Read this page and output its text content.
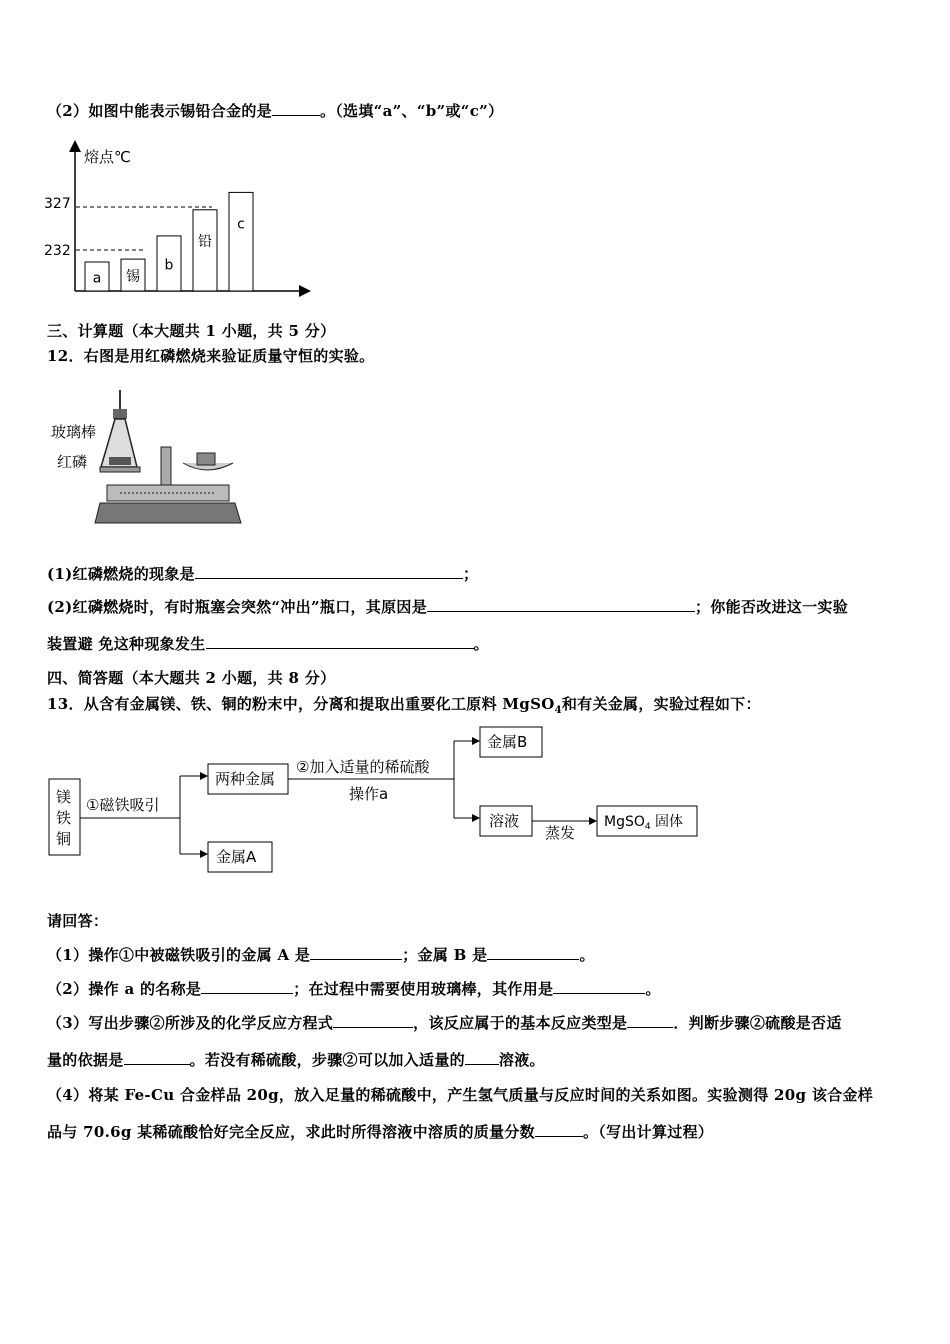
（2）如图中能表示锡铅合金的是	。（选填“a”、“b”或“c”）
熔点℃
327
232
a 锡
b
铅
c
三、计算题（本大题共 1 小题，共 5 分）
12．右图是用红磷燃烧来验证质量守恒的实验。
玻璃棒
红磷
(1)红磷燃烧的现象是	；
(2)红磷燃烧时，有时瓶塞会突然“冲出”瓶口，其原因是	；你能否改进这一实验
装置避 免这种现象发生	。
四、简答题（本大题共 2 小题，共 8 分）
13．从含有金属镁、铁、铜的粉末中，分离和提取出重要化工原料 MgSO$_4$和有关金属，实验过程如下：
镁
铁
铜
①磁铁吸引
两种金属
金属A
②加入适量的稀硫酸
操作a
金属B
溶液
蒸发
MgSO$_4$ 固体
请回答：
（1）操作①中被磁铁吸引的金属 A 是	；金属 B 是	。
（2）操作 a 的名称是	；在过程中需要使用玻璃棒，其作用是	。
（3）写出步骤②所涉及的化学反应方程式	，该反应属于的基本反应类型是	．判断步骤②硫酸是否适
量的依据是	。若没有稀硫酸，步骤②可以加入适量的 溶液。
（4）将某 Fe-Cu 合金样品 20g，放入足量的稀硫酸中，产生氢气质量与反应时间的关系如图。实验测得 20g 该合金样
品与 70.6g 某稀硫酸恰好完全反应，求此时所得溶液中溶质的质量分数	。（写出计算过程）
